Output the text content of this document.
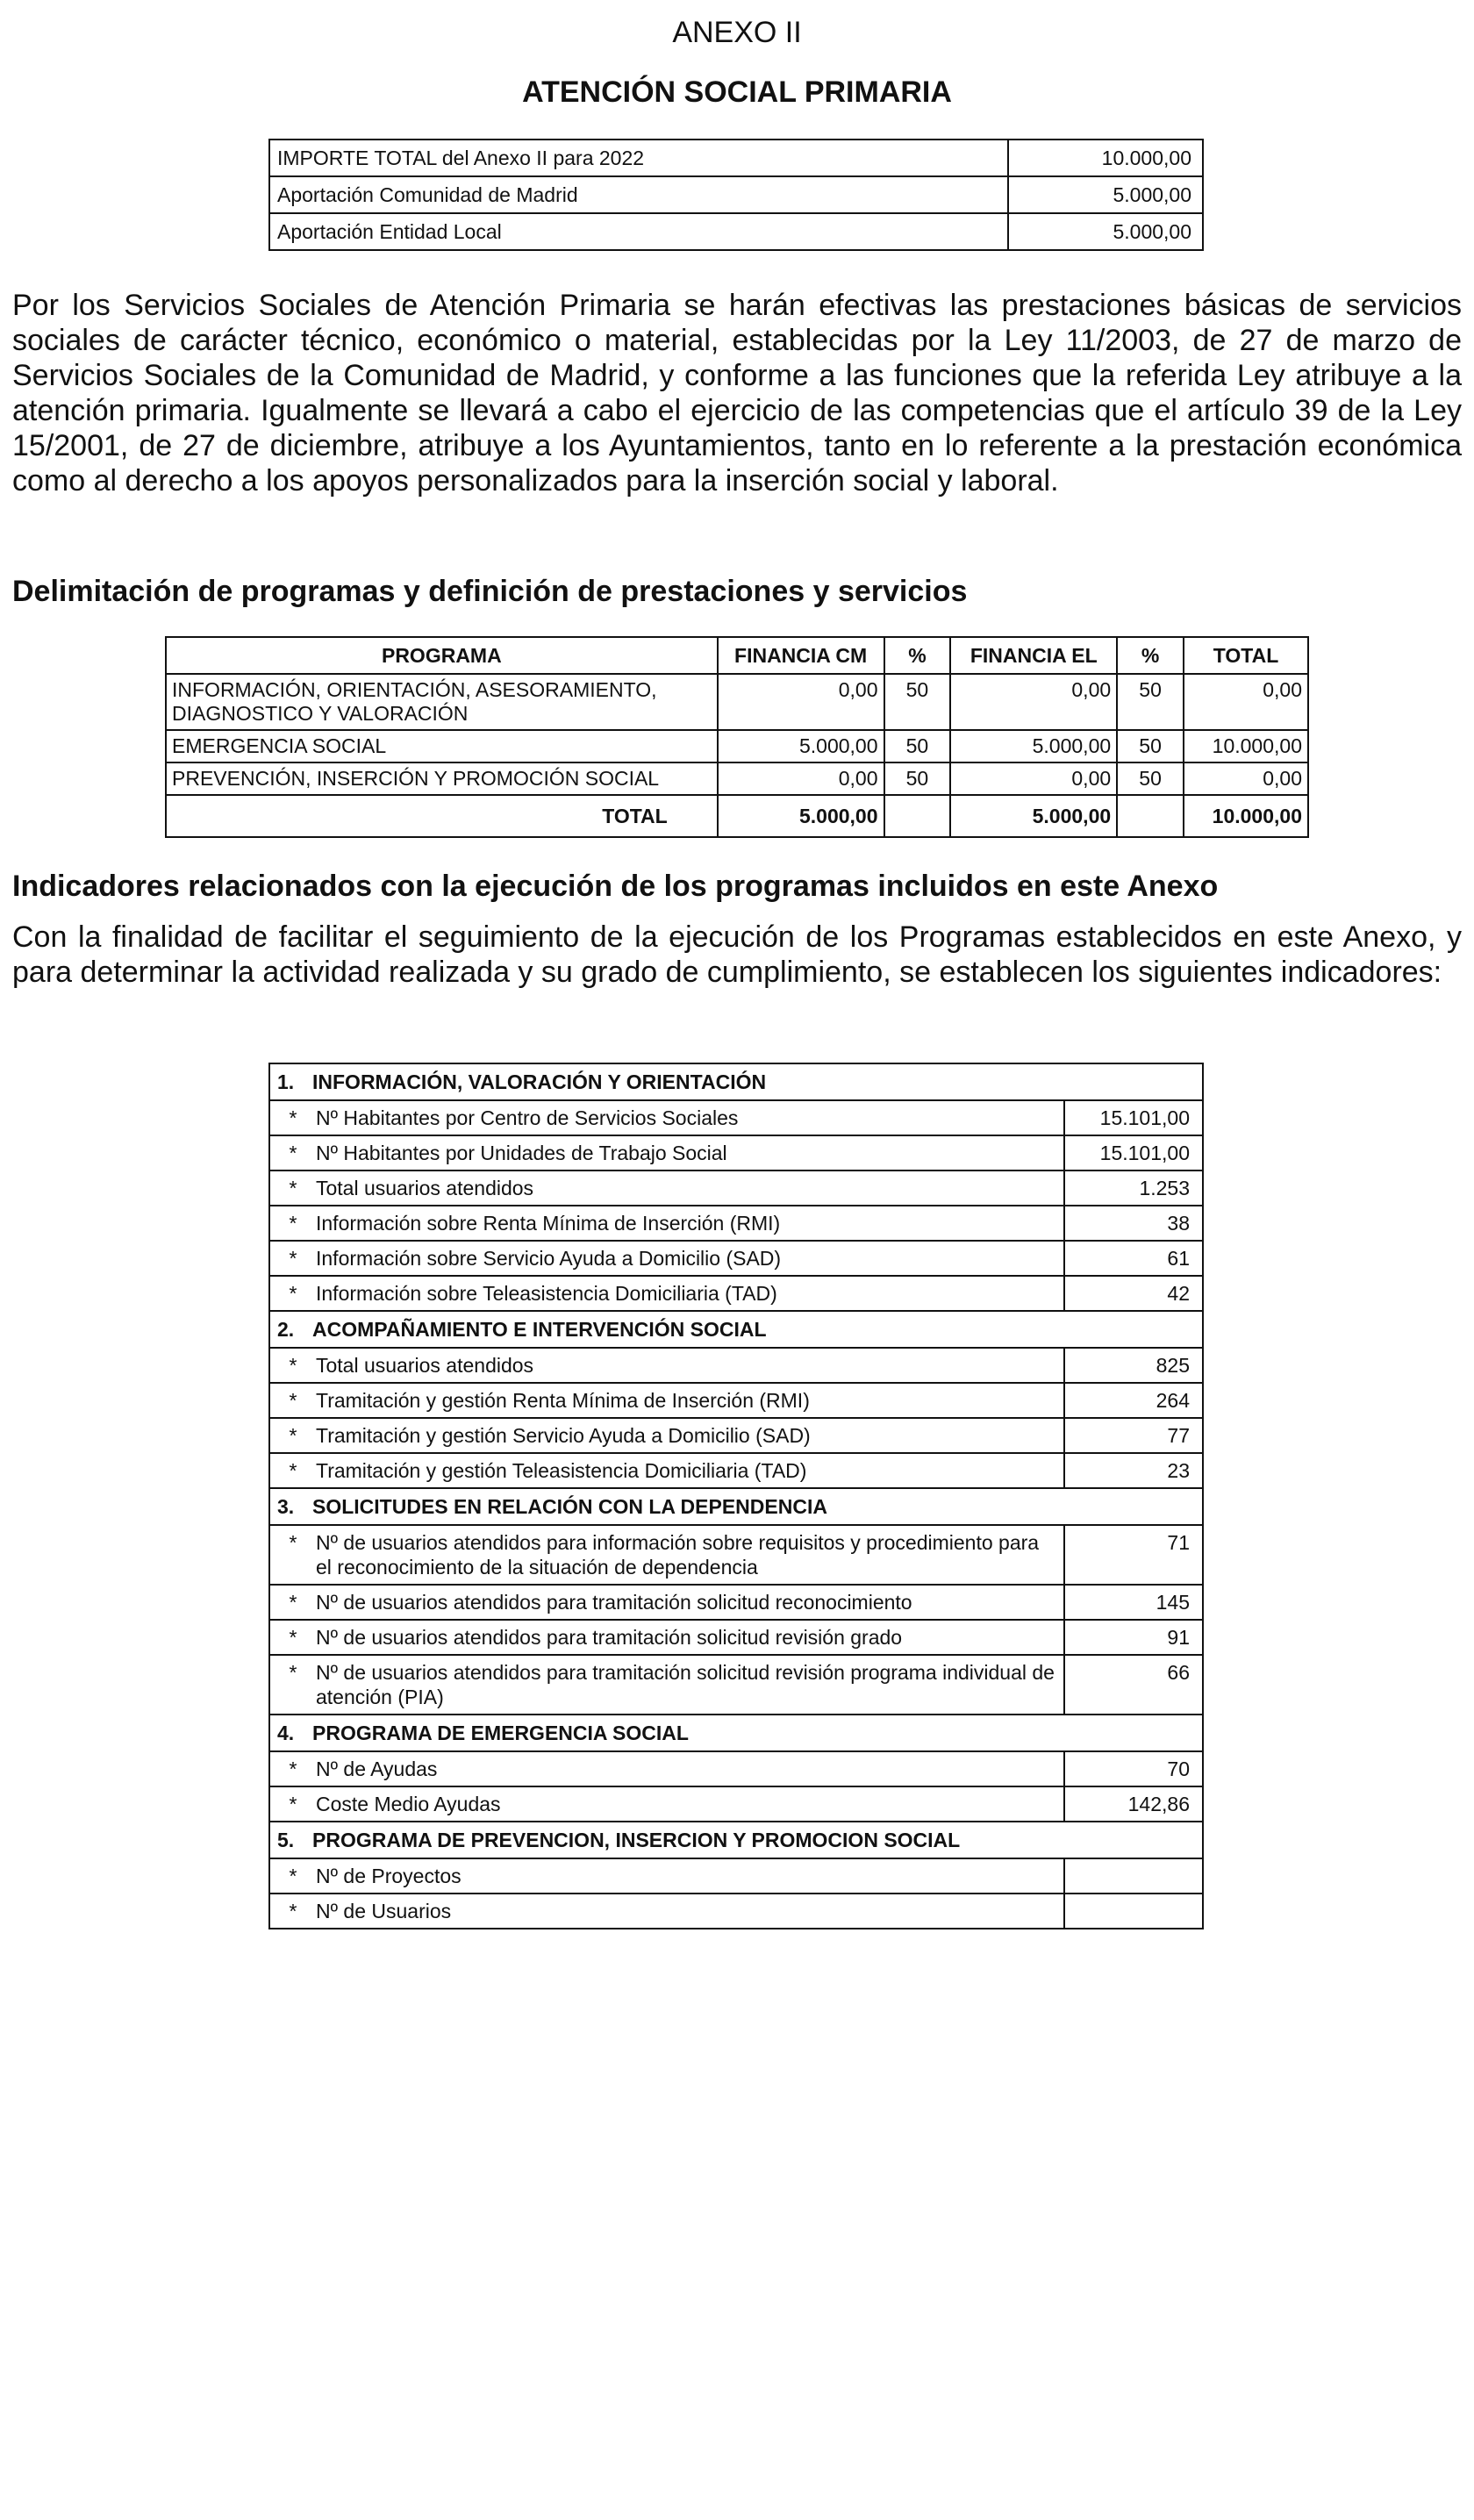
ANEXO II
ATENCIÓN SOCIAL PRIMARIA
IMPORTE TOTAL del Anexo II para 2022	10.000,00
Aportación Comunidad de Madrid	5.000,00
Aportación Entidad Local	5.000,00
Por los Servicios Sociales de Atención Primaria se harán efectivas las prestaciones básicas de servicios sociales de carácter técnico, económico o material, establecidas por la Ley 11/2003, de 27 de marzo de Servicios Sociales de la Comunidad de Madrid, y conforme a las funciones que la referida Ley atribuye a la atención primaria. Igualmente se llevará a cabo el ejercicio de las competencias que el artículo 39 de la Ley 15/2001, de 27 de diciembre, atribuye a los Ayuntamientos, tanto en lo referente a la prestación económica como al derecho a los apoyos personalizados para la inserción social y laboral.
Delimitación de programas y definición de prestaciones y servicios
PROGRAMA	FINANCIA CM	%	FINANCIA EL	%	TOTAL
INFORMACIÓN, ORIENTACIÓN, ASESORAMIENTO, DIAGNOSTICO Y VALORACIÓN	0,00	50	0,00	50	0,00
EMERGENCIA SOCIAL	5.000,00	50	5.000,00	50	10.000,00
PREVENCIÓN, INSERCIÓN Y PROMOCIÓN SOCIAL	0,00	50	0,00	50	0,00
TOTAL	5.000,00		5.000,00		10.000,00
Indicadores relacionados con la ejecución de los programas incluidos en este Anexo
Con la finalidad de facilitar el seguimiento de la ejecución de los Programas establecidos en este Anexo, y para determinar la actividad realizada y su grado de cumplimiento, se establecen los siguientes indicadores:
1. INFORMACIÓN, VALORACIÓN Y ORIENTACIÓN		
*	Nº Habitantes por Centro de Servicios Sociales	15.101,00
*	Nº Habitantes por Unidades de Trabajo Social	15.101,00
*	Total usuarios atendidos	1.253
*	Información sobre Renta Mínima de Inserción (RMI)	38
*	Información sobre Servicio Ayuda a Domicilio (SAD)	61
*	Información sobre Teleasistencia Domiciliaria (TAD)	42
2. ACOMPAÑAMIENTO E INTERVENCIÓN SOCIAL		
*	Total usuarios atendidos	825
*	Tramitación y gestión Renta Mínima de Inserción (RMI)	264
*	Tramitación y gestión Servicio Ayuda a Domicilio (SAD)	77
*	Tramitación y gestión Teleasistencia Domiciliaria (TAD)	23
3. SOLICITUDES EN RELACIÓN CON LA DEPENDENCIA		
*	Nº de usuarios atendidos para información sobre requisitos y procedimiento para el reconocimiento de la situación de dependencia	71
*	Nº de usuarios atendidos para tramitación solicitud reconocimiento	145
*	Nº de usuarios atendidos para tramitación solicitud revisión grado	91
*	Nº de usuarios atendidos para tramitación solicitud revisión programa individual de atención (PIA)	66
4. PROGRAMA DE EMERGENCIA SOCIAL		
*	Nº de Ayudas	70
*	Coste Medio Ayudas	142,86
5. PROGRAMA DE PREVENCION, INSERCION Y PROMOCION SOCIAL		
*	Nº de Proyectos	
*	Nº de Usuarios	
